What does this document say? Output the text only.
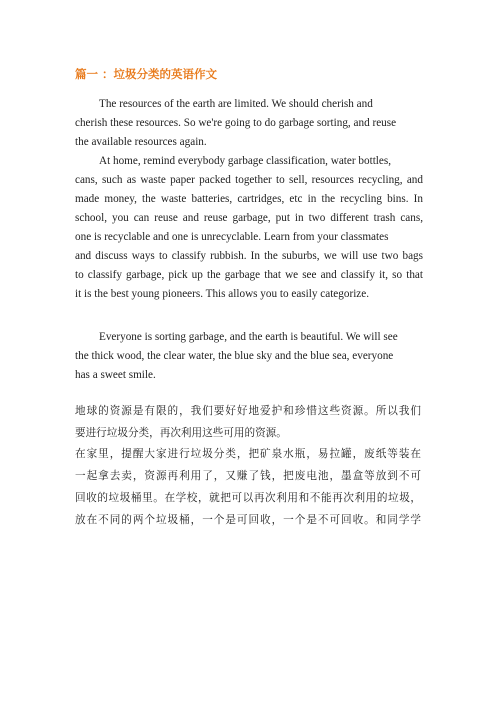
篇一 ：垃圾分类的英语作文
The resources of the earth are limited. We should cherish and
cherish these resources. So we're going to do garbage sorting, and reuse
the available resources again.
At home, remind everybody garbage classification, water bottles,
cans, such as waste paper packed together to sell, resources recycling, and
made money, the waste batteries, cartridges, etc in the recycling bins. In
school, you can reuse and reuse garbage, put in two different trash cans,
one is recyclable and one is unrecyclable. Learn from your classmates
and discuss ways to classify rubbish. In the suburbs, we will use two bags
to classify garbage, pick up the garbage that we see and classify it, so that
it is the best young pioneers. This allows you to easily categorize.
Everyone is sorting garbage, and the earth is beautiful. We will see
the thick wood, the clear water, the blue sky and the blue sea, everyone
has a sweet smile.
地球的资源是有限的，我们要好好地爱护和珍惜这些资源。所以我们
要进行垃圾分类，再次利用这些可用的资源。
在家里，提醒大家进行垃圾分类，把矿泉水瓶，易拉罐，废纸等装在
一起拿去卖，资源再利用了，又赚了钱，把废电池，墨盒等放到不可
回收的垃圾桶里。在学校，就把可以再次利用和不能再次利用的垃圾，
放在不同的两个垃圾桶，一个是可回收，一个是不可回收。和同学学
